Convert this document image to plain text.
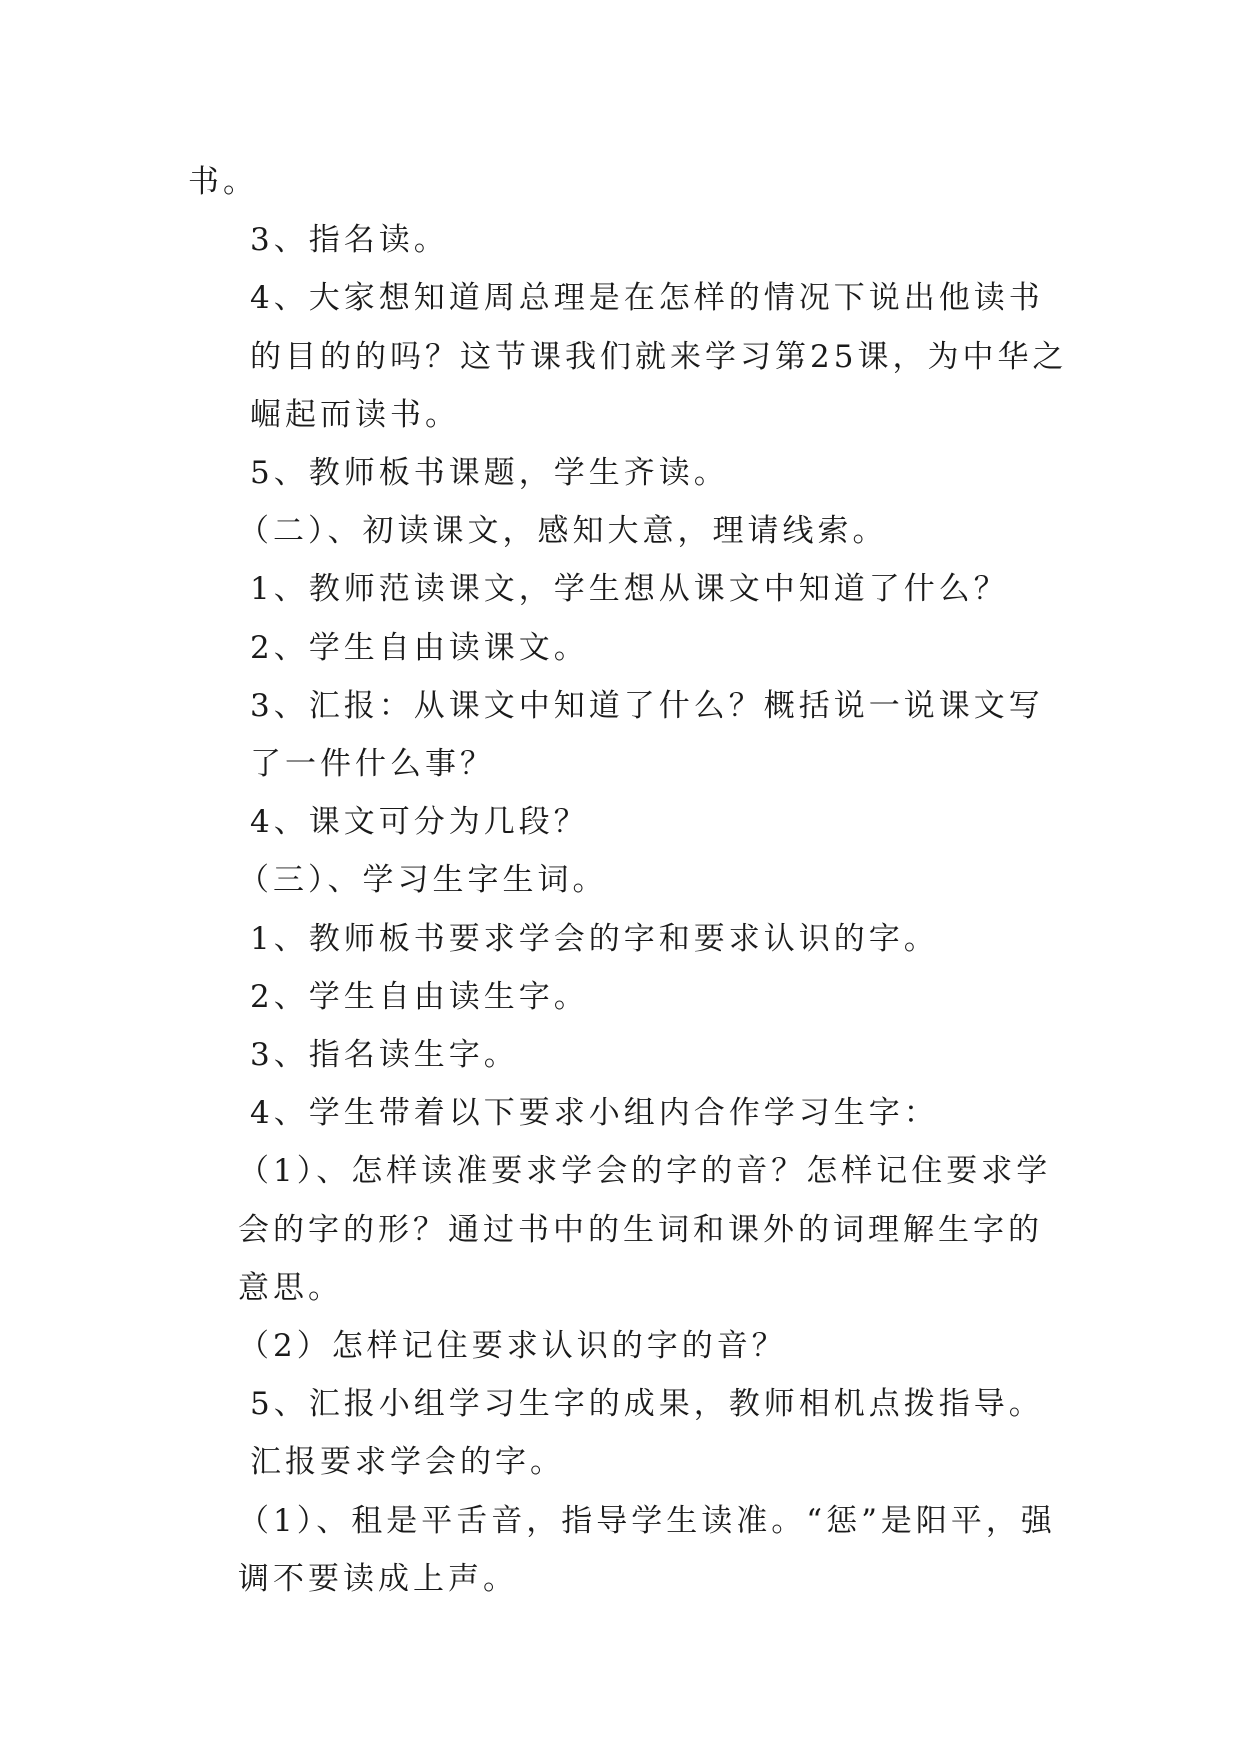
书。

3、指名读。

4、大家想知道周总理是在怎样的情况下说出他读书的目的的吗？这节课我们就来学习第25课，为中华之崛起而读书。

5、教师板书课题，学生齐读。

（二）、初读课文，感知大意，理请线索。

1、教师范读课文，学生想从课文中知道了什么？

2、学生自由读课文。

3、汇报：从课文中知道了什么？概括说一说课文写了一件什么事？

4、课文可分为几段？

（三）、学习生字生词。

1、教师板书要求学会的字和要求认识的字。

2、学生自由读生字。

3、指名读生字。

4、学生带着以下要求小组内合作学习生字：

（1）、怎样读准要求学会的字的音？怎样记住要求学会的字的形？通过书中的生词和课外的词理解生字的意思。

（2）怎样记住要求认识的字的音？

5、汇报小组学习生字的成果，教师相机点拨指导。

汇报要求学会的字。

（1）、租是平舌音，指导学生读准。“惩”是阳平，强调不要读成上声。
